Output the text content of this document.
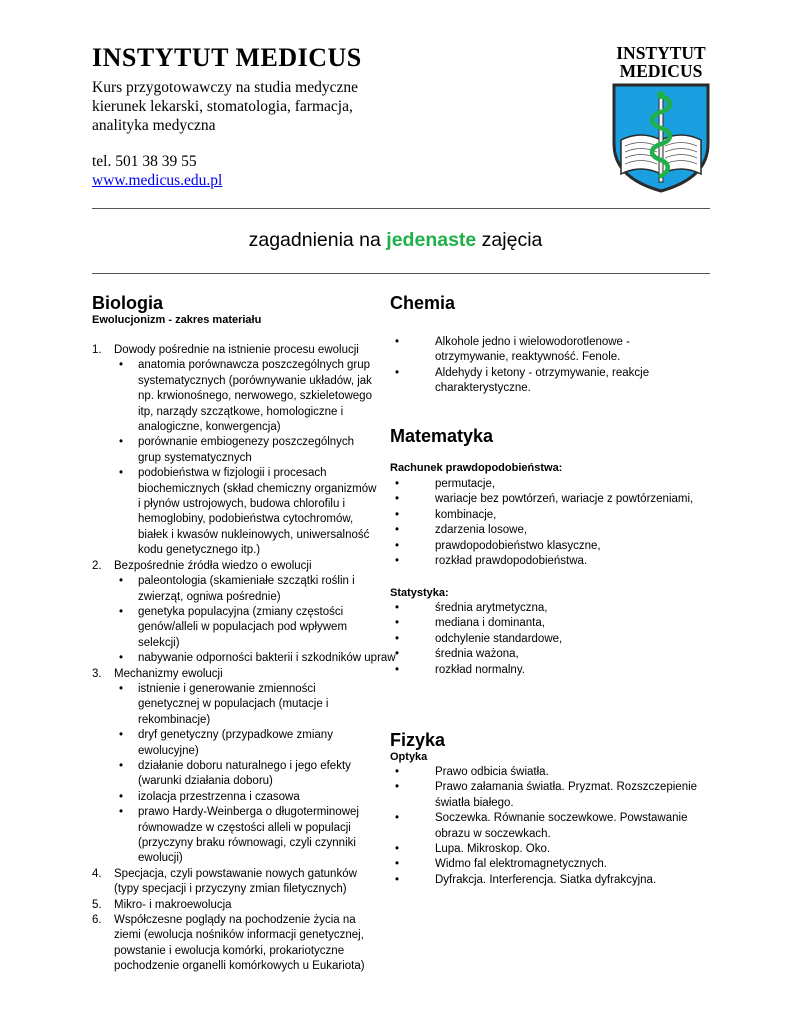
INSTYTUT MEDICUS
Kurs przygotowawczy na studia medyczne
kierunek lekarski, stomatologia, farmacja,
analityka medyczna
tel. 501 38 39 55
www.medicus.edu.pl
INSTYTUT
MEDICUS
zagadnienia na jedenaste zajęcia
Biologia
Ewolucjonizm - zakres materiału
1. Dowody pośrednie na istnienie procesu ewolucji
• anatomia porównawcza poszczególnych grup systematycznych (porównywanie układów, jak np. krwionośnego, nerwowego, szkieletowego itp, narządy szczątkowe, homologiczne i analogiczne, konwergencja)
• porównanie embiogenezy poszczególnych grup systematycznych
• podobieństwa w fizjologii i procesach biochemicznych (skład chemiczny organizmów i płynów ustrojowych, budowa chlorofilu i hemoglobiny, podobieństwa cytochromów, białek i kwasów nukleinowych, uniwersalność kodu genetycznego itp.)
2. Bezpośrednie źródła wiedzo o ewolucji
• paleontologia (skamieniałe szczątki roślin i zwierząt, ogniwa pośrednie)
• genetyka populacyjna (zmiany częstości genów/alleli w populacjach pod wpływem selekcji)
• nabywanie odporności bakterii i szkodników upraw
3. Mechanizmy ewolucji
• istnienie i generowanie zmienności genetycznej w populacjach (mutacje i rekombinacje)
• dryf genetyczny (przypadkowe zmiany ewolucyjne)
• działanie doboru naturalnego i jego efekty (warunki działania doboru)
• izolacja przestrzenna i czasowa
• prawo Hardy-Weinberga o długoterminowej równowadze w częstości alleli w populacji (przyczyny braku równowagi, czyli czynniki ewolucji)
4. Specjacja, czyli powstawanie nowych gatunków (typy specjacji i przyczyny zmian filetycznych)
5. Mikro- i makroewolucja
6. Współczesne poglądy na pochodzenie życia na ziemi (ewolucja nośników informacji genetycznej, powstanie i ewolucja komórki, prokariotyczne pochodzenie organelli komórkowych u Eukariota)
Chemia
• Alkohole jedno i wielowodorotlenowe - otrzymywanie, reaktywność. Fenole.
• Aldehydy i ketony - otrzymywanie, reakcje charakterystyczne.
Matematyka
Rachunek prawdopodobieństwa:
• permutacje,
• wariacje bez powtórzeń, wariacje z powtórzeniami,
• kombinacje,
• zdarzenia losowe,
• prawdopodobieństwo klasyczne,
• rozkład prawdopodobieństwa.
Statystyka:
• średnia arytmetyczna,
• mediana i dominanta,
• odchylenie standardowe,
• średnia ważona,
• rozkład normalny.
Fizyka
Optyka
• Prawo odbicia światła.
• Prawo załamania światła. Pryzmat. Rozszczepienie światła białego.
• Soczewka. Równanie soczewkowe. Powstawanie obrazu w soczewkach.
• Lupa. Mikroskop. Oko.
• Widmo fal elektromagnetycznych.
• Dyfrakcja. Interferencja. Siatka dyfrakcyjna.
